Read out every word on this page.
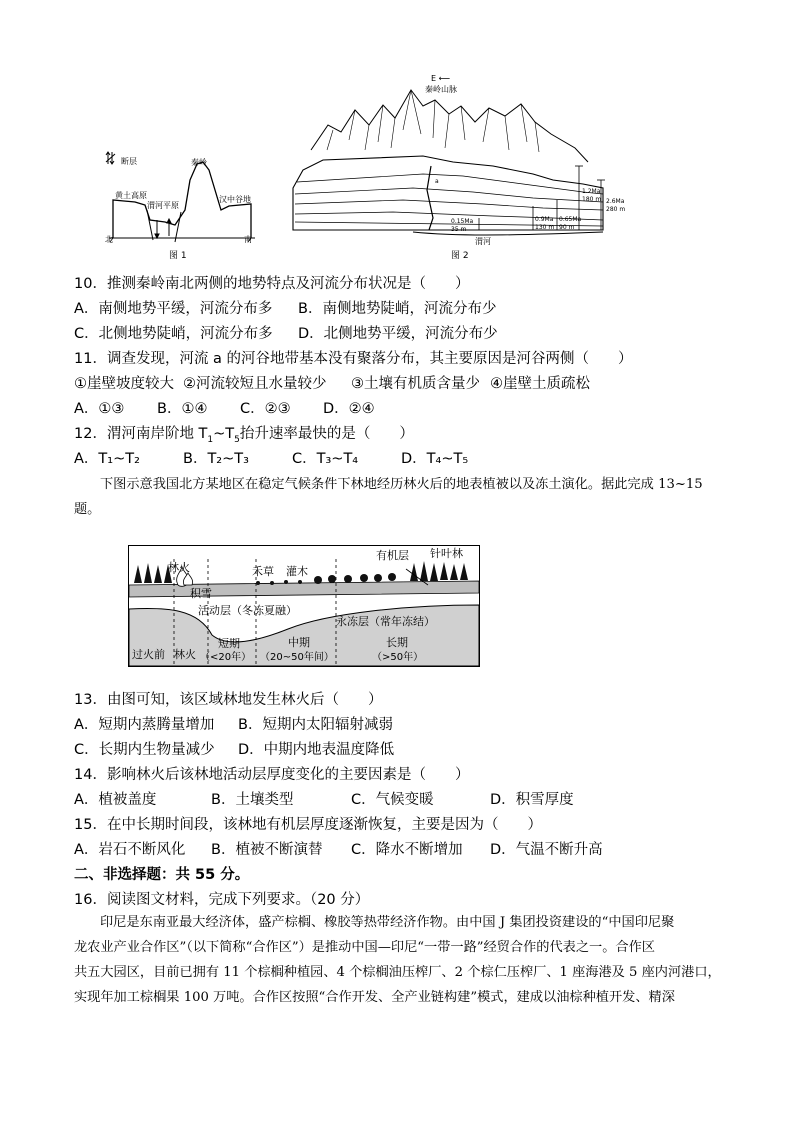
断层	秦岭
黄土高原
渭河平原
汉中谷地
北	南
图 1
E ⟵
秦岭山脉
2.6Ma
280 m
1.2Ma
180 m
0.9Ma
130 m
0.65Ma
90 m
0.15Ma
35 m
a
渭河
图 2
10．推测秦岭南北两侧的地势特点及河流分布状况是（　　）
A．南侧地势平缓，河流分布多 B．南侧地势陡峭，河流分布少
C．北侧地势陡峭，河流分布多 D．北侧地势平缓，河流分布少
11．调查发现，河流 a 的河谷地带基本没有聚落分布，其主要原因是河谷两侧（　　）
①崖壁坡度较大 ②河流较短且水量较少 ③土壤有机质含量少 ④崖壁土质疏松
A．①③ B．①④ C．②③ D．②④
12．渭河南岸阶地 $T_1\sim T_5$抬升速率最快的是（　　）
A．T₁~T₂	B．T₂~T₃	C．T₃~T₄	D．T₄~T₅
下图示意我国北方某地区在稳定气候条件下林地经历林火后的地表植被以及冻土演化。据此完成 13~15 题。
林火
积雪
禾草 灌木
有机层 针叶林
活动层（冬冻夏融）
永冻层（常年冻结）
过火前 林火
短期
（<20年）
中期
（20~50年间）
长期
（>50年）
13．由图可知，该区域林地发生林火后（　　）
A．短期内蒸腾量增加 B．短期内太阳辐射减弱
C．长期内生物量减少 D．中期内地表温度降低
14．影响林火后该林地活动层厚度变化的主要因素是（　　）
A．植被盖度	B．土壤类型	C．气候变暖	D．积雪厚度
15．在中长期时间段，该林地有机层厚度逐渐恢复，主要是因为（　　）
A．岩石不断风化 B．植被不断演替 C．降水不断增加 D．气温不断升高
二、非选择题：共 55 分。
16．阅读图文材料，完成下列要求。（20 分）
印尼是东南亚最大经济体，盛产棕榈、橡胶等热带经济作物。由中国 J 集团投资建设的“中国印尼聚
龙农业产业合作区”（以下简称“合作区”）是推动中国—印尼“一带一路”经贸合作的代表之一。合作区
共五大园区，目前已拥有 11 个棕榈种植园、4 个棕榈油压榨厂、2 个棕仁压榨厂、1 座海港及 5 座内河港口，
实现年加工棕榈果 100 万吨。合作区按照“合作开发、全产业链构建”模式，建成以油棕种植开发、精深
